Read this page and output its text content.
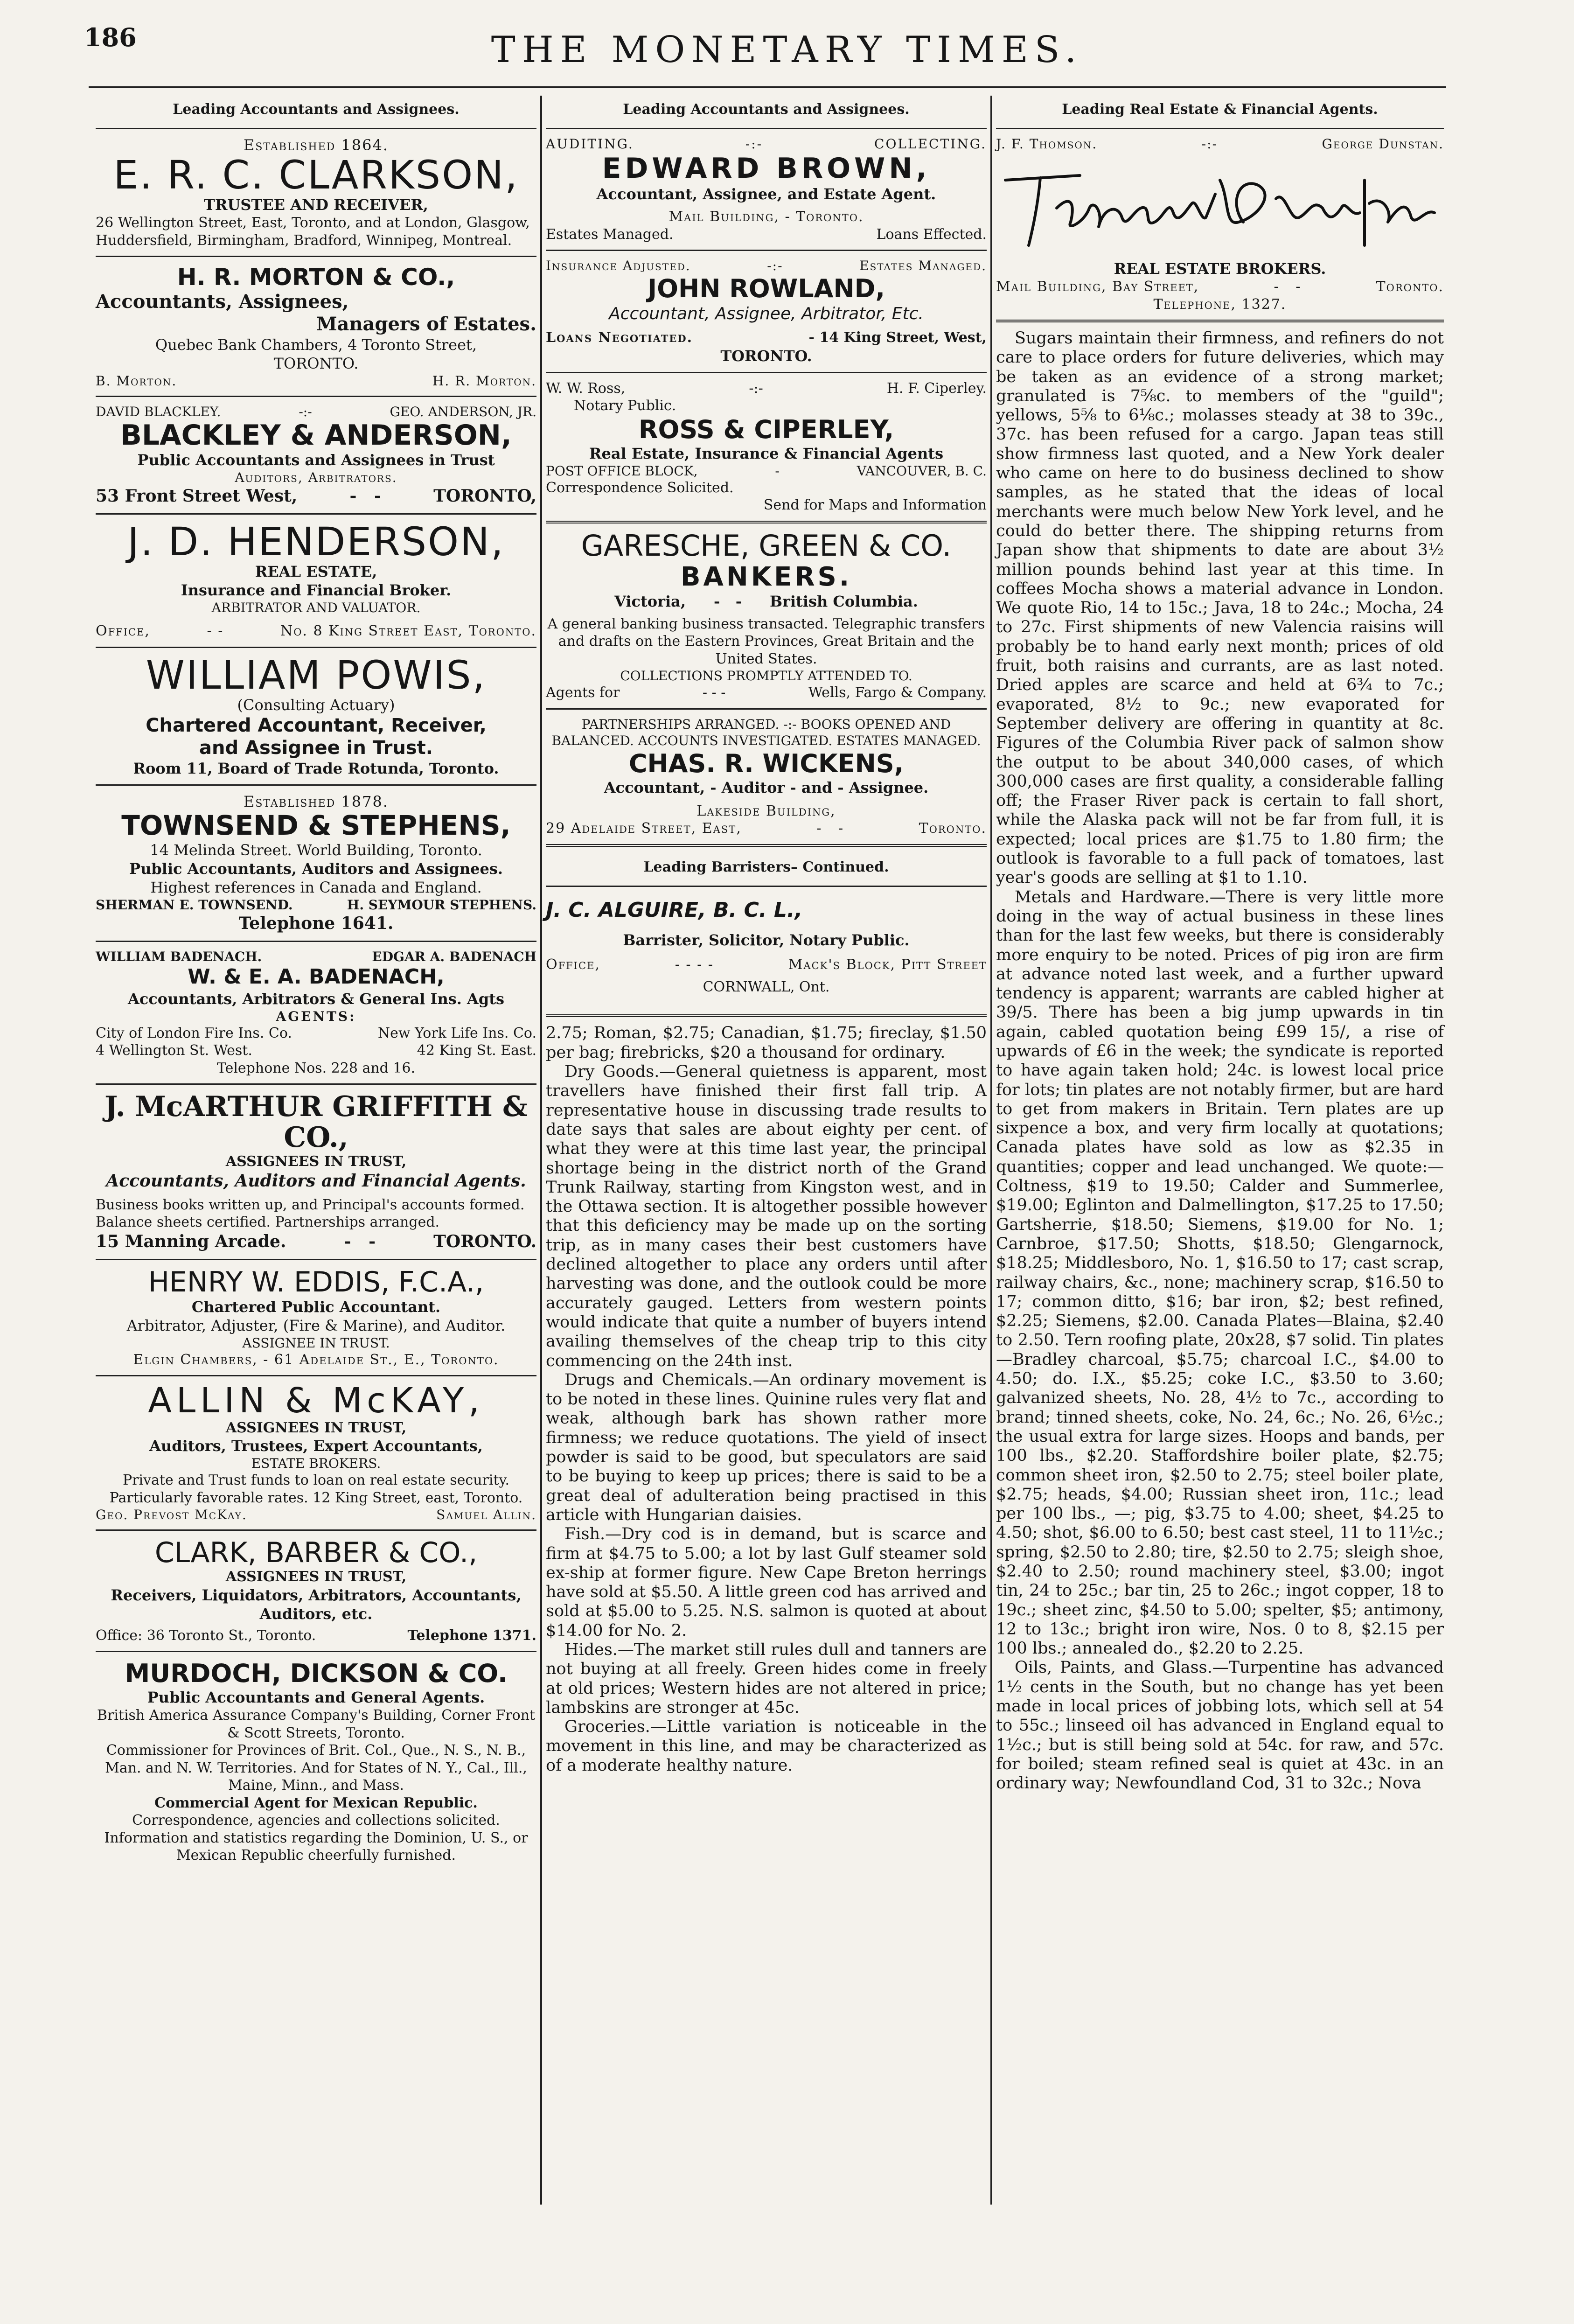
186	THE MONETARY TIMES.
Leading Accountants and Assignees.
Established 1864.
E. R. C. CLARKSON,
TRUSTEE AND RECEIVER,
26 Wellington Street, East, Toronto, and at London, Glasgow, Huddersfield, Birmingham, Bradford, Winnipeg, Montreal.
H. R. MORTON & CO.,
Accountants, Assignees,
Managers of Estates.
Quebec Bank Chambers, 4 Toronto Street,
TORONTO.
B. Morton.	H. R. Morton.
DAVID BLACKLEY.	-:-	GEO. ANDERSON, JR.
BLACKLEY & ANDERSON,
Public Accountants and Assignees in Trust
Auditors, Arbitrators.
53 Front Street West,	-   -	TORONTO,
J. D. HENDERSON,
REAL ESTATE,
Insurance and Financial Broker.
ARBITRATOR AND VALUATOR.
Office,	- -	No. 8 King Street East, Toronto.
WILLIAM POWIS,
(Consulting Actuary)
Chartered Accountant, Receiver,
and Assignee in Trust.
Room 11, Board of Trade Rotunda, Toronto.
Established 1878.
TOWNSEND & STEPHENS,
14 Melinda Street. World Building, Toronto.
Public Accountants, Auditors and Assignees.
Highest references in Canada and England.
SHERMAN E. TOWNSEND.	H. SEYMOUR STEPHENS.
Telephone 1641.
WILLIAM BADENACH.	EDGAR A. BADENACH
W. & E. A. BADENACH,
Accountants, Arbitrators & General Ins. Agts
AGENTS:
City of London Fire Ins. Co.	New York Life Ins. Co.
4 Wellington St. West.	42 King St. East.
Telephone Nos. 228 and 16.
J. McARTHUR GRIFFITH & CO.,
ASSIGNEES IN TRUST,
Accountants, Auditors and Financial Agents.
Business books written up, and Principal's accounts formed. Balance sheets certified. Partnerships arranged.
15 Manning Arcade.	-   -	TORONTO.
HENRY W. EDDIS, F.C.A.,
Chartered Public Accountant.
Arbitrator, Adjuster, (Fire & Marine), and Auditor.
ASSIGNEE IN TRUST.
Elgin Chambers, - 61 Adelaide St., E., Toronto.
ALLIN & McKAY,
ASSIGNEES IN TRUST,
Auditors, Trustees, Expert Accountants,
ESTATE BROKERS.
Private and Trust funds to loan on real estate security. Particularly favorable rates. 12 King Street, east, Toronto.
Geo. Prevost McKay.	Samuel Allin.
CLARK, BARBER & CO.,
ASSIGNEES IN TRUST,
Receivers, Liquidators, Arbitrators, Accountants, Auditors, etc.
Office: 36 Toronto St., Toronto.	Telephone 1371.
MURDOCH, DICKSON & CO.
Public Accountants and General Agents.
British America Assurance Company's Building, Corner Front & Scott Streets, Toronto.
Commissioner for Provinces of Brit. Col., Que., N. S., N. B., Man. and N. W. Territories. And for States of N. Y., Cal., Ill., Maine, Minn., and Mass.
Commercial Agent for Mexican Republic.
Correspondence, agencies and collections solicited. Information and statistics regarding the Dominion, U. S., or Mexican Republic cheerfully furnished.
Leading Accountants and Assignees.
AUDITING.	-:-	COLLECTING.
EDWARD BROWN,
Accountant, Assignee, and Estate Agent.
Mail Building, - Toronto.
Estates Managed.	Loans Effected.
Insurance Adjusted.	-:-	Estates Managed.
JOHN ROWLAND,
Accountant, Assignee, Arbitrator, Etc.
Loans Negotiated.	- 14 King Street, West,
TORONTO.
W. W. Ross,	-:-	H. F. Ciperley.
Notary Public.
ROSS & CIPERLEY,
Real Estate, Insurance & Financial Agents
POST OFFICE BLOCK,	-	VANCOUVER, B. C.
Correspondence Solicited.
Send for Maps and Information
GARESCHE, GREEN & CO.
BANKERS.
Victoria, -   - British Columbia.
A general banking business transacted. Telegraphic transfers and drafts on the Eastern Provinces, Great Britain and the United States.
COLLECTIONS PROMPTLY ATTENDED TO.
Agents for	- - -	Wells, Fargo & Company.
PARTNERSHIPS ARRANGED. -:- BOOKS OPENED AND BALANCED. ACCOUNTS INVESTIGATED. ESTATES MANAGED.
CHAS. R. WICKENS,
Accountant, - Auditor - and - Assignee.
Lakeside Building,
29 Adelaide Street, East,	-   -	Toronto.
Leading Barristers– Continued.
J. C. ALGUIRE, B. C. L.,
Barrister, Solicitor, Notary Public.
Office,	- - - -	Mack's Block, Pitt Street
CORNWALL, Ont.

2.75; Roman, $2.75; Canadian, $1.75; fireclay, $1.50 per bag; firebricks, $20 a thousand for ordinary.

Dry Goods.—General quietness is apparent, most travellers have finished their first fall trip. A representative house in discussing trade results to date says that sales are about eighty per cent. of what they were at this time last year, the principal shortage being in the district north of the Grand Trunk Railway, starting from Kingston west, and in the Ottawa section. It is altogether possible however that this deficiency may be made up on the sorting trip, as in many cases their best customers have declined altogether to place any orders until after harvesting was done, and the outlook could be more accurately gauged. Letters from western points would indicate that quite a number of buyers intend availing themselves of the cheap trip to this city commencing on the 24th inst.

Drugs and Chemicals.—An ordinary movement is to be noted in these lines. Quinine rules very flat and weak, although bark has shown rather more firmness; we reduce quotations. The yield of insect powder is said to be good, but speculators are said to be buying to keep up prices; there is said to be a great deal of adulteration being practised in this article with Hungarian daisies.

Fish.—Dry cod is in demand, but is scarce and firm at $4.75 to 5.00; a lot by last Gulf steamer sold ex-ship at former figure. New Cape Breton herrings have sold at $5.50. A little green cod has arrived and sold at $5.00 to 5.25. N.S. salmon is quoted at about $14.00 for No. 2.

Hides.—The market still rules dull and tanners are not buying at all freely. Green hides come in freely at old prices; Western hides are not altered in price; lambskins are stronger at 45c.

Groceries.—Little variation is noticeable in the movement in this line, and may be characterized as of a moderate healthy nature.

Leading Real Estate & Financial Agents.
J. F. Thomson.	-:-	George Dunstan.
REAL ESTATE BROKERS.
Mail Building, Bay Street,	-   -	Toronto.
Telephone, 1327.

Sugars maintain their firmness, and refiners do not care to place orders for future deliveries, which may be taken as an evidence of a strong market; granulated is 7⅝c. to members of the "guild"; yellows, 5⅝ to 6⅛c.; molasses steady at 38 to 39c., 37c. has been refused for a cargo. Japan teas still show firmness last quoted, and a New York dealer who came on here to do business declined to show samples, as he stated that the ideas of local merchants were much below New York level, and he could do better there. The shipping returns from Japan show that shipments to date are about 3½ million pounds behind last year at this time. In coffees Mocha shows a material advance in London. We quote Rio, 14 to 15c.; Java, 18 to 24c.; Mocha, 24 to 27c. First shipments of new Valencia raisins will probably be to hand early next month; prices of old fruit, both raisins and currants, are as last noted. Dried apples are scarce and held at 6¾ to 7c.; evaporated, 8½ to 9c.; new evaporated for September delivery are offering in quantity at 8c. Figures of the Columbia River pack of salmon show the output to be about 340,000 cases, of which 300,000 cases are first quality, a considerable falling off; the Fraser River pack is certain to fall short, while the Alaska pack will not be far from full, it is expected; local prices are $1.75 to 1.80 firm; the outlook is favorable to a full pack of tomatoes, last year's goods are selling at $1 to 1.10.

Metals and Hardware.—There is very little more doing in the way of actual business in these lines than for the last few weeks, but there is considerably more enquiry to be noted. Prices of pig iron are firm at advance noted last week, and a further upward tendency is apparent; warrants are cabled higher at 39/5. There has been a big jump upwards in tin again, cabled quotation being £99 15/, a rise of upwards of £6 in the week; the syndicate is reported to have again taken hold; 24c. is lowest local price for lots; tin plates are not notably firmer, but are hard to get from makers in Britain. Tern plates are up sixpence a box, and very firm locally at quotations; Canada plates have sold as low as $2.35 in quantities; copper and lead unchanged. We quote:—Coltness, $19 to 19.50; Calder and Summerlee, $19.00; Eglinton and Dalmellington, $17.25 to 17.50; Gartsherrie, $18.50; Siemens, $19.00 for No. 1; Carnbroe, $17.50; Shotts, $18.50; Glengarnock, $18.25; Middlesboro, No. 1, $16.50 to 17; cast scrap, railway chairs, &c., none; machinery scrap, $16.50 to 17; common ditto, $16; bar iron, $2; best refined, $2.25; Siemens, $2.00. Canada Plates—Blaina, $2.40 to 2.50. Tern roofing plate, 20x28, $7 solid. Tin plates—Bradley charcoal, $5.75; charcoal I.C., $4.00 to 4.50; do. I.X., $5.25; coke I.C., $3.50 to 3.60; galvanized sheets, No. 28, 4½ to 7c., according to brand; tinned sheets, coke, No. 24, 6c.; No. 26, 6½c.; the usual extra for large sizes. Hoops and bands, per 100 lbs., $2.20. Staffordshire boiler plate, $2.75; common sheet iron, $2.50 to 2.75; steel boiler plate, $2.75; heads, $4.00; Russian sheet iron, 11c.; lead per 100 lbs., —; pig, $3.75 to 4.00; sheet, $4.25 to 4.50; shot, $6.00 to 6.50; best cast steel, 11 to 11½c.; spring, $2.50 to 2.80; tire, $2.50 to 2.75; sleigh shoe, $2.40 to 2.50; round machinery steel, $3.00; ingot tin, 24 to 25c.; bar tin, 25 to 26c.; ingot copper, 18 to 19c.; sheet zinc, $4.50 to 5.00; spelter, $5; antimony, 12 to 13c.; bright iron wire, Nos. 0 to 8, $2.15 per 100 lbs.; annealed do., $2.20 to 2.25.

Oils, Paints, and Glass.—Turpentine has advanced 1½ cents in the South, but no change has yet been made in local prices of jobbing lots, which sell at 54 to 55c.; linseed oil has advanced in England equal to 1½c.; but is still being sold at 54c. for raw, and 57c. for boiled; steam refined seal is quiet at 43c. in an ordinary way; Newfoundland Cod, 31 to 32c.; Nova
